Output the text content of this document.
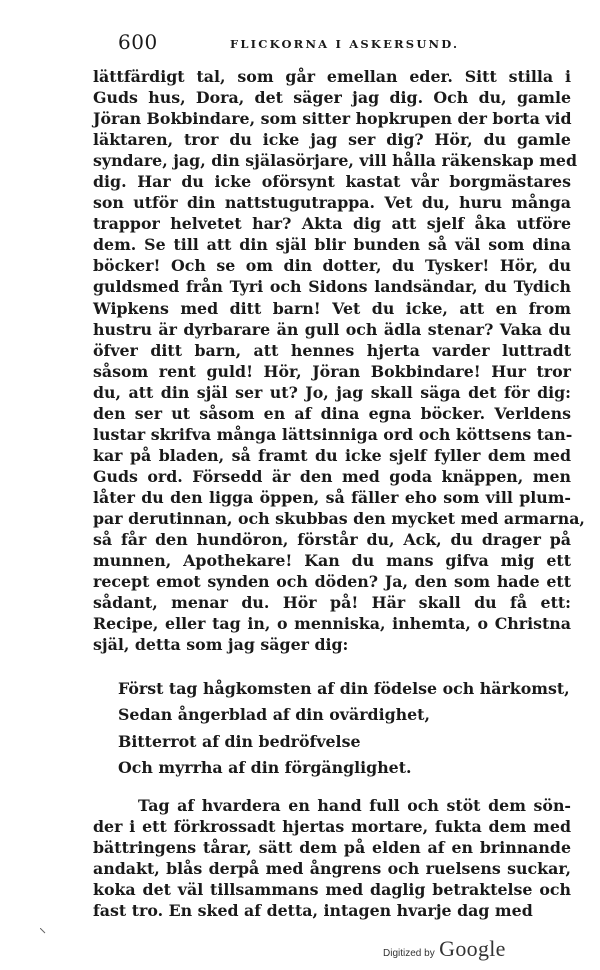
600	FLICKORNA I ASKERSUND.

lättfärdigt tal, som går emellan eder. Sitt stilla i
Guds hus, Dora, det säger jag dig. Och du, gamle
Jöran Bokbindare, som sitter hopkrupen der borta vid
läktaren, tror du icke jag ser dig? Hör, du gamle
syndare, jag, din själasörjare, vill hålla räkenskap med
dig. Har du icke oförsynt kastat vår borgmästares
son utför din nattstugutrappa. Vet du, huru många
trappor helvetet har? Akta dig att sjelf åka utföre
dem. Se till att din själ blir bunden så väl som dina
böcker! Och se om din dotter, du Tysker! Hör, du
guldsmed från Tyri och Sidons landsändar, du Tydich
Wipkens med ditt barn! Vet du icke, att en from
hustru är dyrbarare än gull och ädla stenar? Vaka du
öfver ditt barn, att hennes hjerta varder luttradt
såsom rent guld! Hör, Jöran Bokbindare! Hur tror
du, att din själ ser ut? Jo, jag skall säga det för dig:
den ser ut såsom en af dina egna böcker. Verldens
lustar skrifva många lättsinniga ord och köttsens tan-
kar på bladen, så framt du icke sjelf fyller dem med
Guds ord. Försedd är den med goda knäppen, men
låter du den ligga öppen, så fäller eho som vill plum-
par derutinnan, och skubbas den mycket med armarna,
så får den hundöron, förstår du, Ack, du drager på
munnen, Apothekare! Kan du mans gifva mig ett
recept emot synden och döden? Ja, den som hade ett
sådant, menar du. Hör på! Här skall du få ett:
Recipe, eller tag in, o menniska, inhemta, o Christna
själ, detta som jag säger dig:

Först tag hågkomsten af din födelse och härkomst,
Sedan ångerblad af din ovärdighet,
Bitterrot af din bedröfvelse
Och myrrha af din förgänglighet.

Tag af hvardera en hand full och stöt dem sön-
der i ett förkrossadt hjertas mortare, fukta dem med
bättringens tårar, sätt dem på elden af en brinnande
andakt, blås derpå med ångrens och ruelsens suckar,
koka det väl tillsammans med daglig betraktelse och
fast tro. En sked af detta, intagen hvarje dag med

Digitized by Google
